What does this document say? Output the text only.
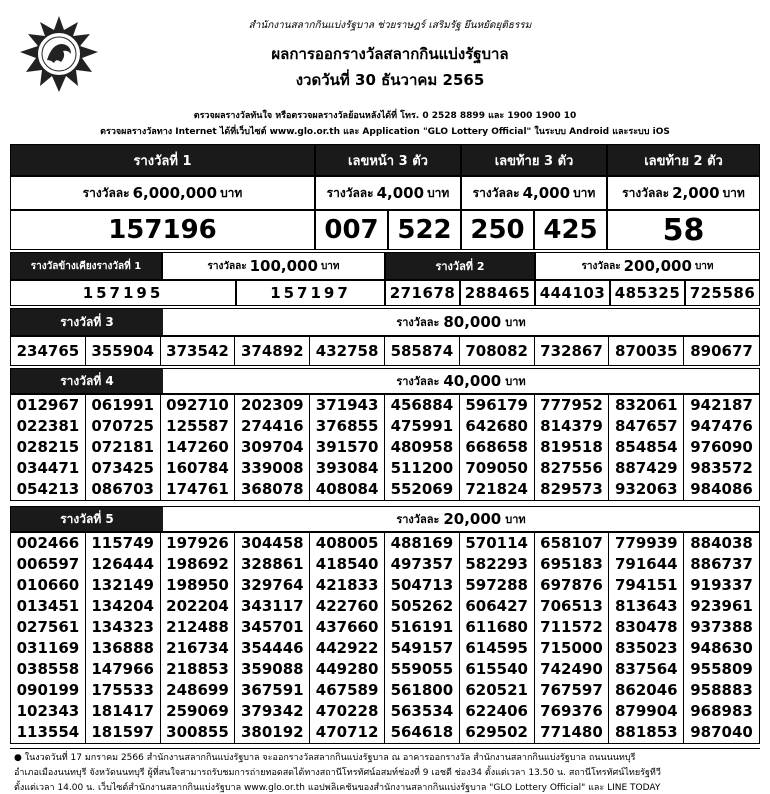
สำนักงานสลากกินแบ่งรัฐบาล ช่วยราษฎร์ เสริมรัฐ ยึนหยัดยุติธรรม
ผลการออกรางวัลสลากกินแบ่งรัฐบาล
งวดวันที่ 30 ธันวาคม 2565
ตรวจผลรางวัลทันใจ หรือตรวจผลรางวัลย้อนหลังได้ที่ โทร. 0 2528 8899 และ 1900 1900 10
ตรวจผลรางวัลทาง Internet ได้ที่เว็บไซต์ www.glo.or.th และ Application "GLO Lottery Official" ในระบบ Android และระบบ iOS
รางวัลที่ 1	เลขหน้า 3 ตัว	เลขท้าย 3 ตัว	เลขท้าย 2 ตัว
รางวัลละ 6,000,000 บาท	รางวัลละ 4,000 บาท รางวัลละ 4,000 บาท รางวัลละ 2,000 บาท
157196	007 522 250 425	58
รางวัลข้างเคียงรางวัลที่ 1	รางวัลละ 100,000 บาท	รางวัลที่ 2	รางวัลละ 200,000 บาท
157195	157197	271678 288465 444103 485325 725586
รางวัลที่ 3	รางวัลละ 80,000 บาท
234765 355904 373542 374892 432758 585874 708082 732867 870035 890677
รางวัลที่ 4	รางวัลละ 40,000 บาท
012967 061991 092710 202309 371943 456884 596179 777952 832061 942187
022381 070725 125587 274416 376855 475991 642680 814379 847657 947476
028215 072181 147260 309704 391570 480958 668658 819518 854854 976090
034471 073425 160784 339008 393084 511200 709050 827556 887429 983572
054213 086703 174761 368078 408084 552069 721824 829573 932063 984086
รางวัลที่ 5	รางวัลละ 20,000 บาท
002466 115749 197926 304458 408005 488169 570114 658107 779939 884038
006597 126444 198692 328861 418540 497357 582293 695183 791644 886737
010660 132149 198950 329764 421833 504713 597288 697876 794151 919337
013451 134204 202204 343117 422760 505262 606427 706513 813643 923961
027561 134323 212488 345701 437660 516191 611680 711572 830478 937388
031169 136888 216734 354446 442922 549157 614595 715000 835023 948630
038558 147966 218853 359088 449280 559055 615540 742490 837564 955809
090199 175533 248699 367591 467589 561800 620521 767597 862046 958883
102343 181417 259069 379342 470228 563534 622406 769376 879904 968983
113554 181597 300855 380192 470712 564618 629502 771480 881853 987040
● ในงวดวันที่ 17 มกราคม 2566 สำนักงานสลากกินแบ่งรัฐบาล จะออกรางวัลสลากกินแบ่งรัฐบาล ณ อาคารออกรางวัล สำนักงานสลากกินแบ่งรัฐบาล ถนนนนทบุรี
อำเภอเมืองนนทบุรี จังหวัดนนทบุรี ผู้ที่สนใจสามารถรับชมการถ่ายทอดสดได้ทางสถานีโทรทัศน์อสมท์ช่องที่ 9 เอชดี ช่อง34 ตั้งแต่เวลา 13.50 น. สถานีโทรทัศน์ไทยรัฐทีวี
ตั้งแต่เวลา 14.00 น. เว็บไซต์สำนักงานสลากกินแบ่งรัฐบาล www.glo.or.th แอปพลิเคชันของสำนักงานสลากกินแบ่งรัฐบาล "GLO Lottery Official" และ LINE TODAY
